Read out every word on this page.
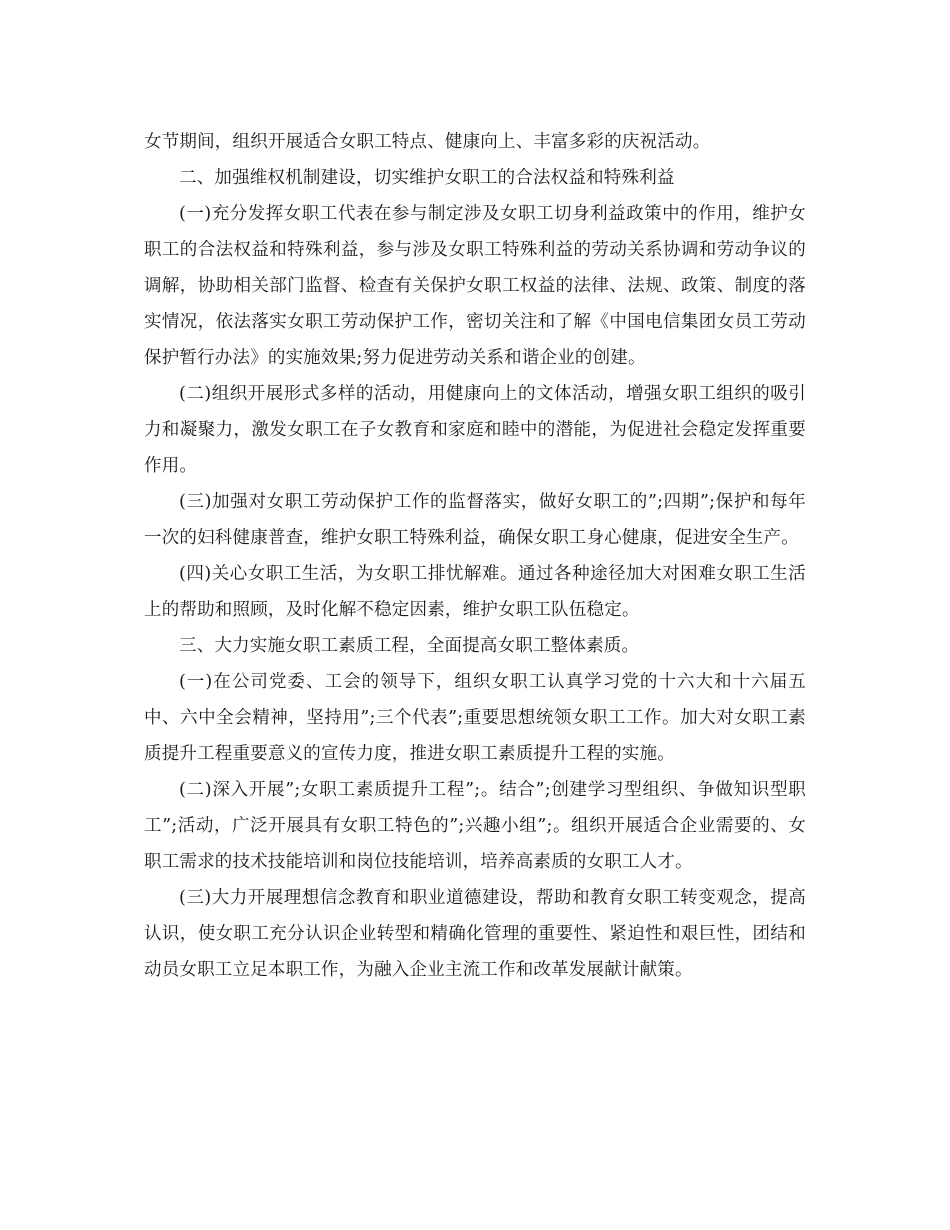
女节期间，组织开展适合女职工特点、健康向上、丰富多彩的庆祝活动。

二、加强维权机制建设，切实维护女职工的合法权益和特殊利益

(一)充分发挥女职工代表在参与制定涉及女职工切身利益政策中的作用，维护女职工的合法权益和特殊利益，参与涉及女职工特殊利益的劳动关系协调和劳动争议的调解，协助相关部门监督、检查有关保护女职工权益的法律、法规、政策、制度的落实情况，依法落实女职工劳动保护工作，密切关注和了解《中国电信集团女员工劳动保护暂行办法》的实施效果;努力促进劳动关系和谐企业的创建。

(二)组织开展形式多样的活动，用健康向上的文体活动，增强女职工组织的吸引力和凝聚力，激发女职工在子女教育和家庭和睦中的潜能，为促进社会稳定发挥重要作用。

(三)加强对女职工劳动保护工作的监督落实，做好女职工的”;四期”;保护和每年一次的妇科健康普查，维护女职工特殊利益，确保女职工身心健康，促进安全生产。

(四)关心女职工生活，为女职工排忧解难。通过各种途径加大对困难女职工生活上的帮助和照顾，及时化解不稳定因素，维护女职工队伍稳定。

三、大力实施女职工素质工程，全面提高女职工整体素质。

(一)在公司党委、工会的领导下，组织女职工认真学习党的十六大和十六届五中、六中全会精神，坚持用”;三个代表”;重要思想统领女职工工作。加大对女职工素质提升工程重要意义的宣传力度，推进女职工素质提升工程的实施。

(二)深入开展”;女职工素质提升工程”;。结合”;创建学习型组织、争做知识型职工”;活动，广泛开展具有女职工特色的”;兴趣小组”;。组织开展适合企业需要的、女职工需求的技术技能培训和岗位技能培训，培养高素质的女职工人才。

(三)大力开展理想信念教育和职业道德建设，帮助和教育女职工转变观念，提高认识，使女职工充分认识企业转型和精确化管理的重要性、紧迫性和艰巨性，团结和动员女职工立足本职工作，为融入企业主流工作和改革发展献计献策。
